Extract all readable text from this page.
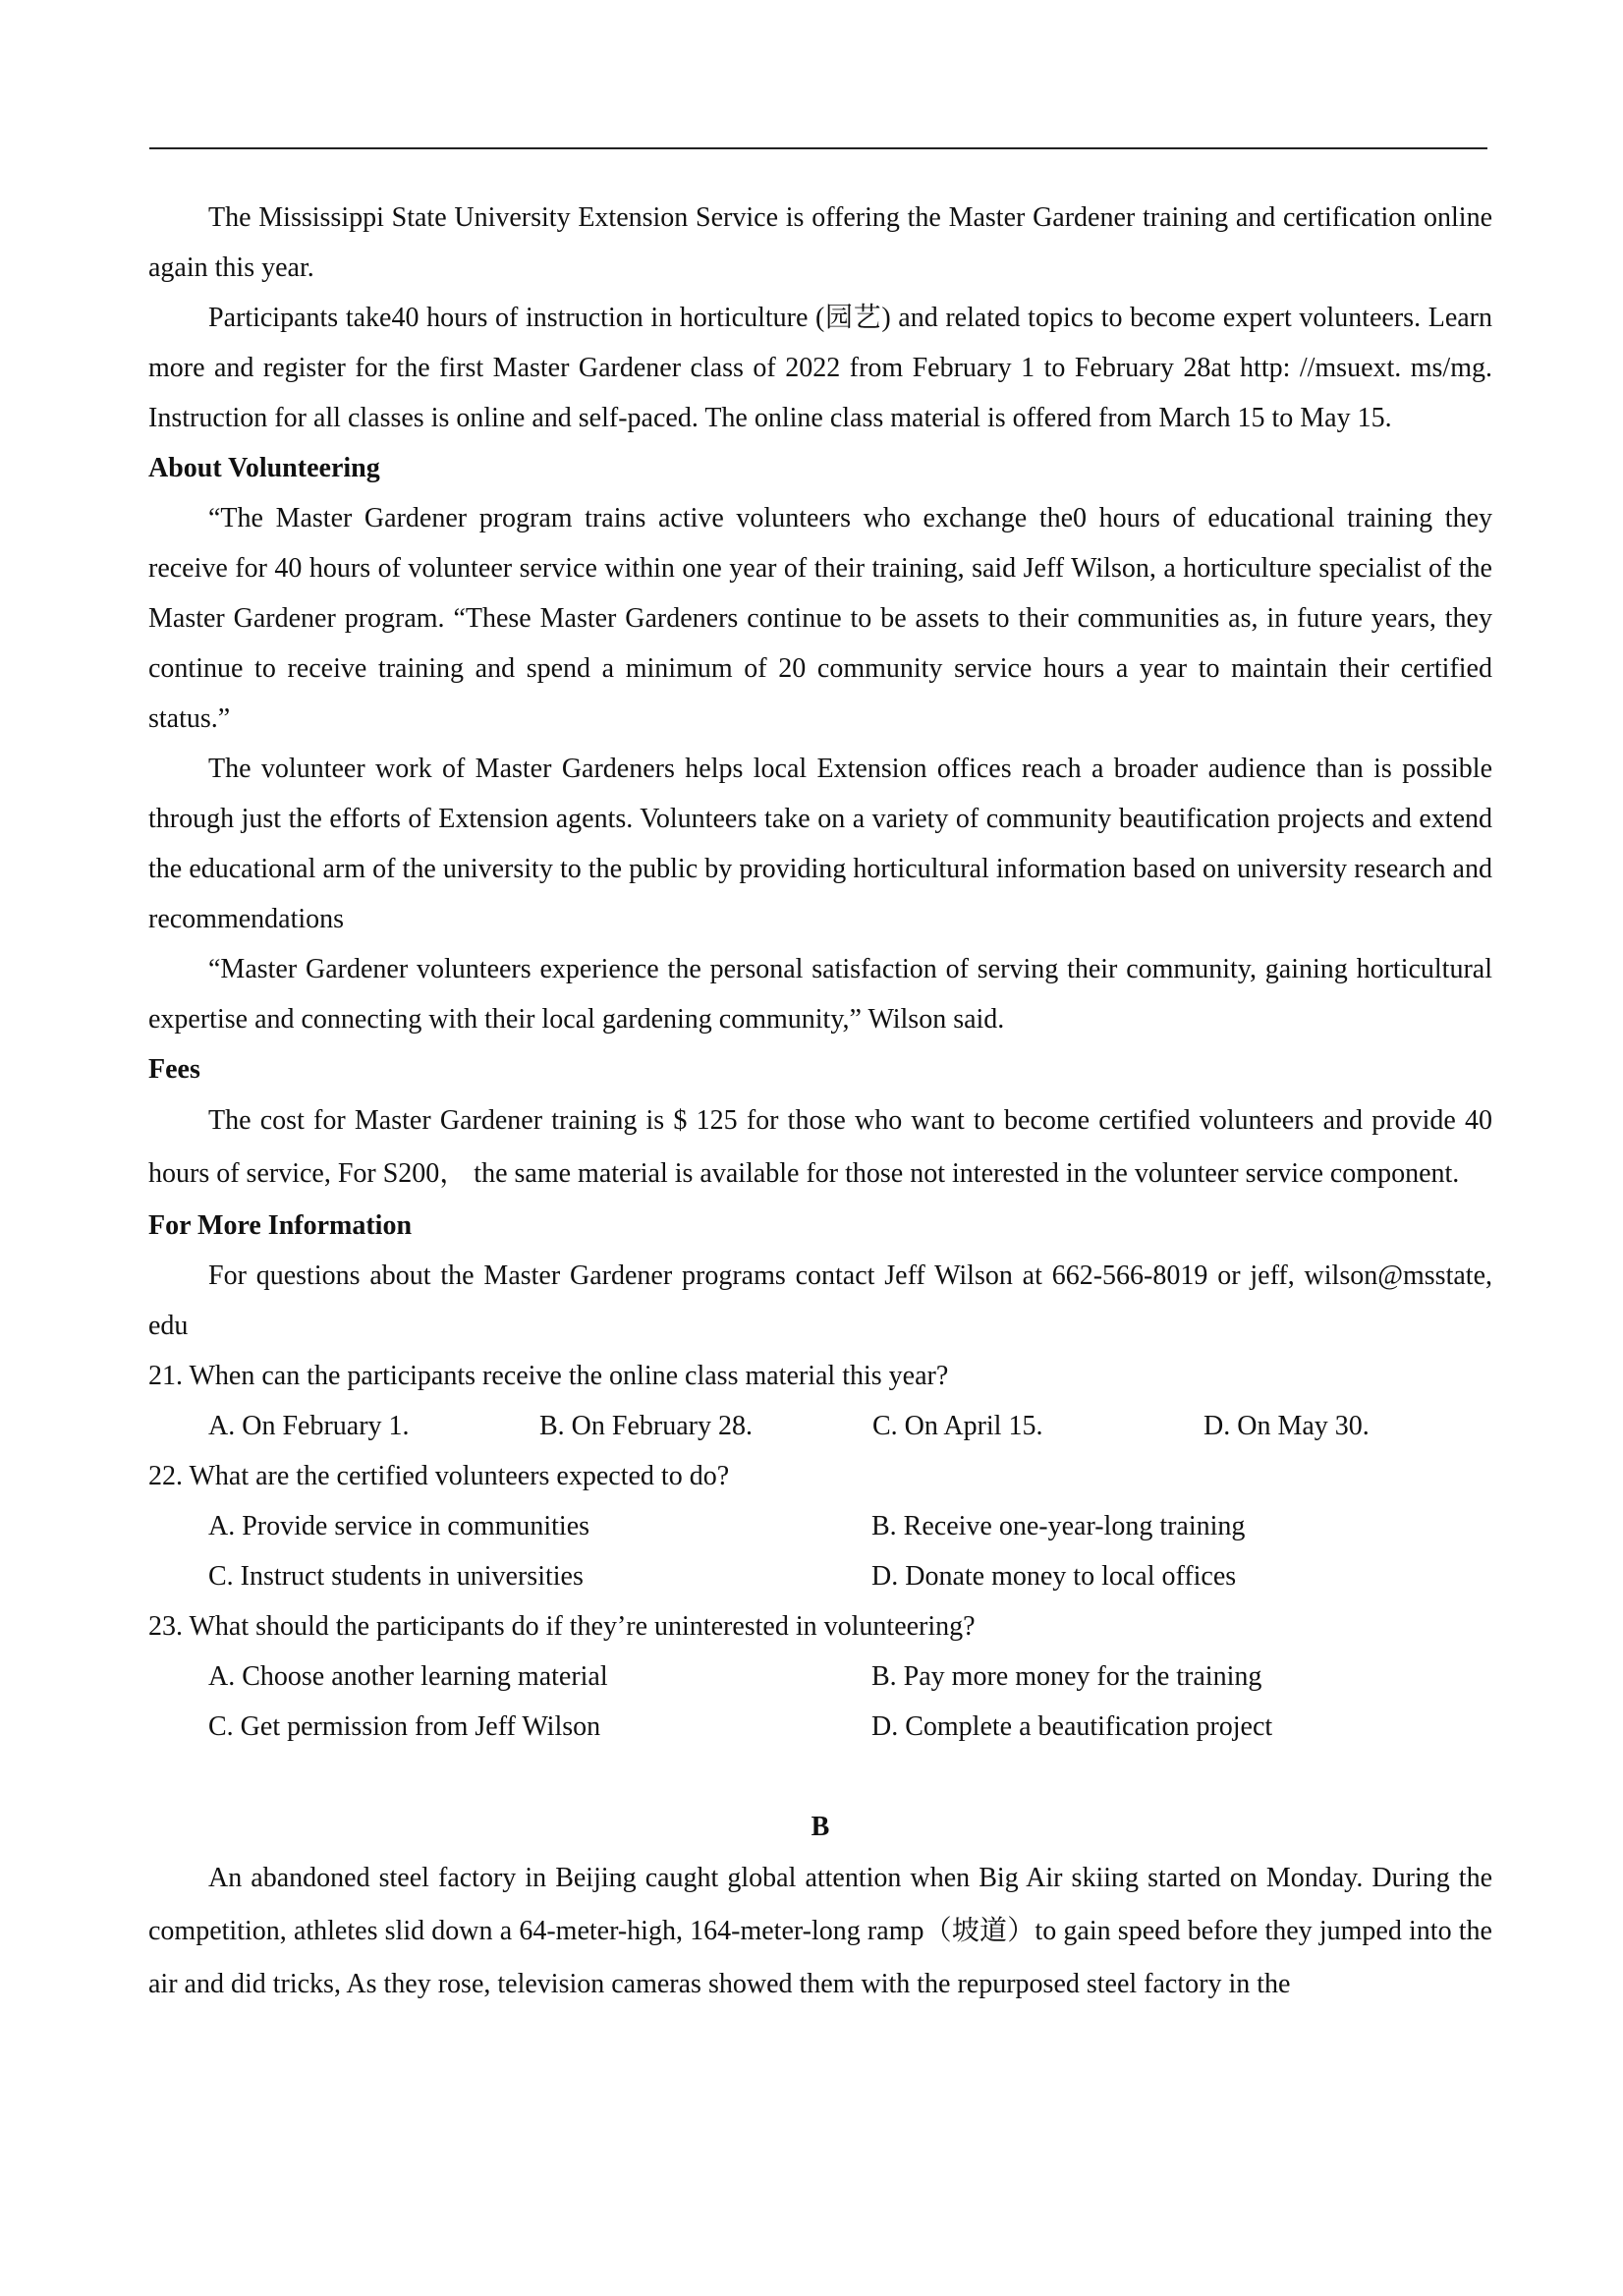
The Mississippi State University Extension Service is offering the Master Gardener training and certification online again this year.

Participants take40 hours of instruction in horticulture (园艺) and related topics to become expert volunteers. Learn more and register for the first Master Gardener class of 2022 from February 1 to February 28at http: //msuext. ms/mg. Instruction for all classes is online and self-paced. The online class material is offered from March 15 to May 15.

About Volunteering

“The Master Gardener program trains active volunteers who exchange the0 hours of educational training they receive for 40 hours of volunteer service within one year of their training, said Jeff Wilson, a horticulture specialist of the Master Gardener program. “These Master Gardeners continue to be assets to their communities as, in future years, they continue to receive training and spend a minimum of 20 community service hours a year to maintain their certified status.”

The volunteer work of Master Gardeners helps local Extension offices reach a broader audience than is possible through just the efforts of Extension agents. Volunteers take on a variety of community beautification projects and extend the educational arm of the university to the public by providing horticultural information based on university research and recommendations

“Master Gardener volunteers experience the personal satisfaction of serving their community, gaining horticultural expertise and connecting with their local gardening community,” Wilson said.

Fees

The cost for Master Gardener training is $ 125 for those who want to become certified volunteers and provide 40 hours of service, For S200， the same material is available for those not interested in the volunteer service component.

For More Information

For questions about the Master Gardener programs contact Jeff Wilson at 662-566-8019 or jeff, wilson@msstate, edu

21. When can the participants receive the online class material this year?

A. On February 1.	B. On February 28.	C. On April 15.	D. On May 30.

22. What are the certified volunteers expected to do?

A. Provide service in communities	B. Receive one-year-long training
C. Instruct students in universities	D. Donate money to local offices

23. What should the participants do if they’re uninterested in volunteering?

A. Choose another learning material	B. Pay more money for the training
C. Get permission from Jeff Wilson	D. Complete a beautification project

B

An abandoned steel factory in Beijing caught global attention when Big Air skiing started on Monday. During the competition, athletes slid down a 64-meter-high, 164-meter-long ramp（坡道）to gain speed before they jumped into the air and did tricks, As they rose, television cameras showed them with the repurposed steel factory in the
